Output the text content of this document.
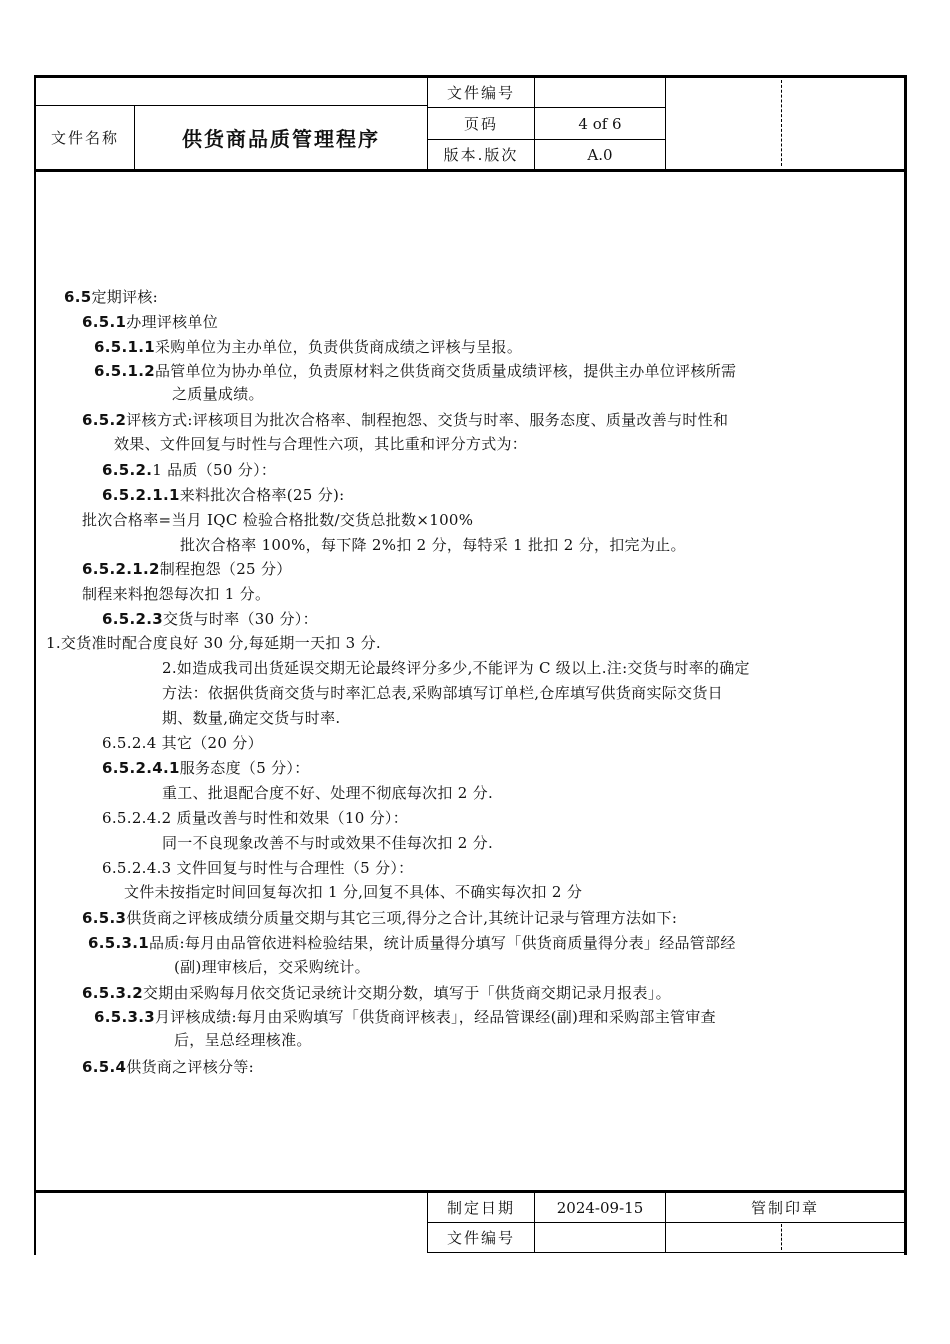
文件名称	供货商品质管理程序
文件编号
页码	4 of 6
版本.版次	A.0
6.5定期评核:
6.5.1办理评核单位
6.5.1.1采购单位为主办单位，负责供货商成绩之评核与呈报。
6.5.1.2品管单位为协办单位，负责原材料之供货商交货质量成绩评核，提供主办单位评核所需
之质量成绩。
6.5.2评核方式:评核项目为批次合格率、制程抱怨、交货与时率、服务态度、质量改善与时性和
效果、文件回复与时性与合理性六项，其比重和评分方式为：
6.5.2.1 品质（50 分）：
6.5.2.1.1来料批次合格率(25 分):
批次合格率=当月 IQC 检验合格批数/交货总批数×100%
批次合格率 100%，每下降 2%扣 2 分，每特采 1 批扣 2 分，扣完为止。
6.5.2.1.2制程抱怨（25 分）
制程来料抱怨每次扣 1 分。
6.5.2.3交货与时率（30 分）：
1.交货准时配合度良好 30 分,每延期一天扣 3 分.
2.如造成我司出货延误交期无论最终评分多少,不能评为 C 级以上.注:交货与时率的确定
方法：依据供货商交货与时率汇总表,采购部填写订单栏,仓库填写供货商实际交货日
期、数量,确定交货与时率.
6.5.2.4 其它（20 分）
6.5.2.4.1服务态度（5 分）：
重工、批退配合度不好、处理不彻底每次扣 2 分.
6.5.2.4.2 质量改善与时性和效果（10 分）：
同一不良现象改善不与时或效果不佳每次扣 2 分.
6.5.2.4.3 文件回复与时性与合理性（5 分）：
文件未按指定时间回复每次扣 1 分,回复不具体、不确实每次扣 2 分
6.5.3供货商之评核成绩分质量交期与其它三项,得分之合计,其统计记录与管理方法如下:
6.5.3.1品质:每月由品管依进料检验结果，统计质量得分填写「供货商质量得分表」经品管部经
(副)理审核后，交采购统计。
6.5.3.2交期由采购每月依交货记录统计交期分数，填写于「供货商交期记录月报表」。
6.5.3.3月评核成绩:每月由采购填写「供货商评核表」，经品管课经(副)理和采购部主管审查
后，呈总经理核准。
6.5.4供货商之评核分等:
制定日期	2024-09-15	管制印章
文件编号
